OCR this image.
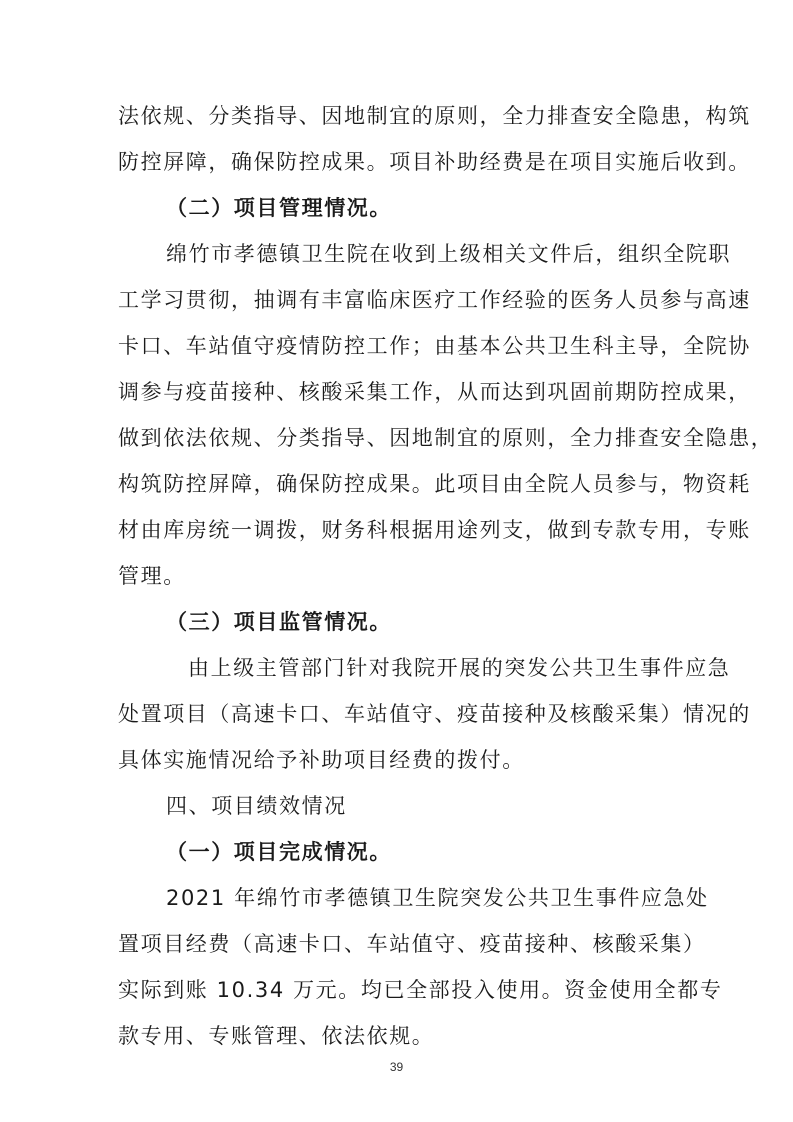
法依规、分类指导、因地制宜的原则，全力排查安全隐患，构筑
防控屏障，确保防控成果。项目补助经费是在项目实施后收到。
（二）项目管理情况。
绵竹市孝德镇卫生院在收到上级相关文件后，组织全院职
工学习贯彻，抽调有丰富临床医疗工作经验的医务人员参与高速
卡口、车站值守疫情防控工作；由基本公共卫生科主导，全院协
调参与疫苗接种、核酸采集工作，从而达到巩固前期防控成果，
做到依法依规、分类指导、因地制宜的原则，全力排查安全隐患，
构筑防控屏障，确保防控成果。此项目由全院人员参与，物资耗
材由库房统一调拨，财务科根据用途列支，做到专款专用，专账
管理。
（三）项目监管情况。
由上级主管部门针对我院开展的突发公共卫生事件应急
处置项目（高速卡口、车站值守、疫苗接种及核酸采集）情况的
具体实施情况给予补助项目经费的拨付。
四、项目绩效情况
（一）项目完成情况。
2021 年绵竹市孝德镇卫生院突发公共卫生事件应急处
置项目经费（高速卡口、车站值守、疫苗接种、核酸采集）
实际到账 10.34 万元。均已全部投入使用。资金使用全都专
款专用、专账管理、依法依规。
39
